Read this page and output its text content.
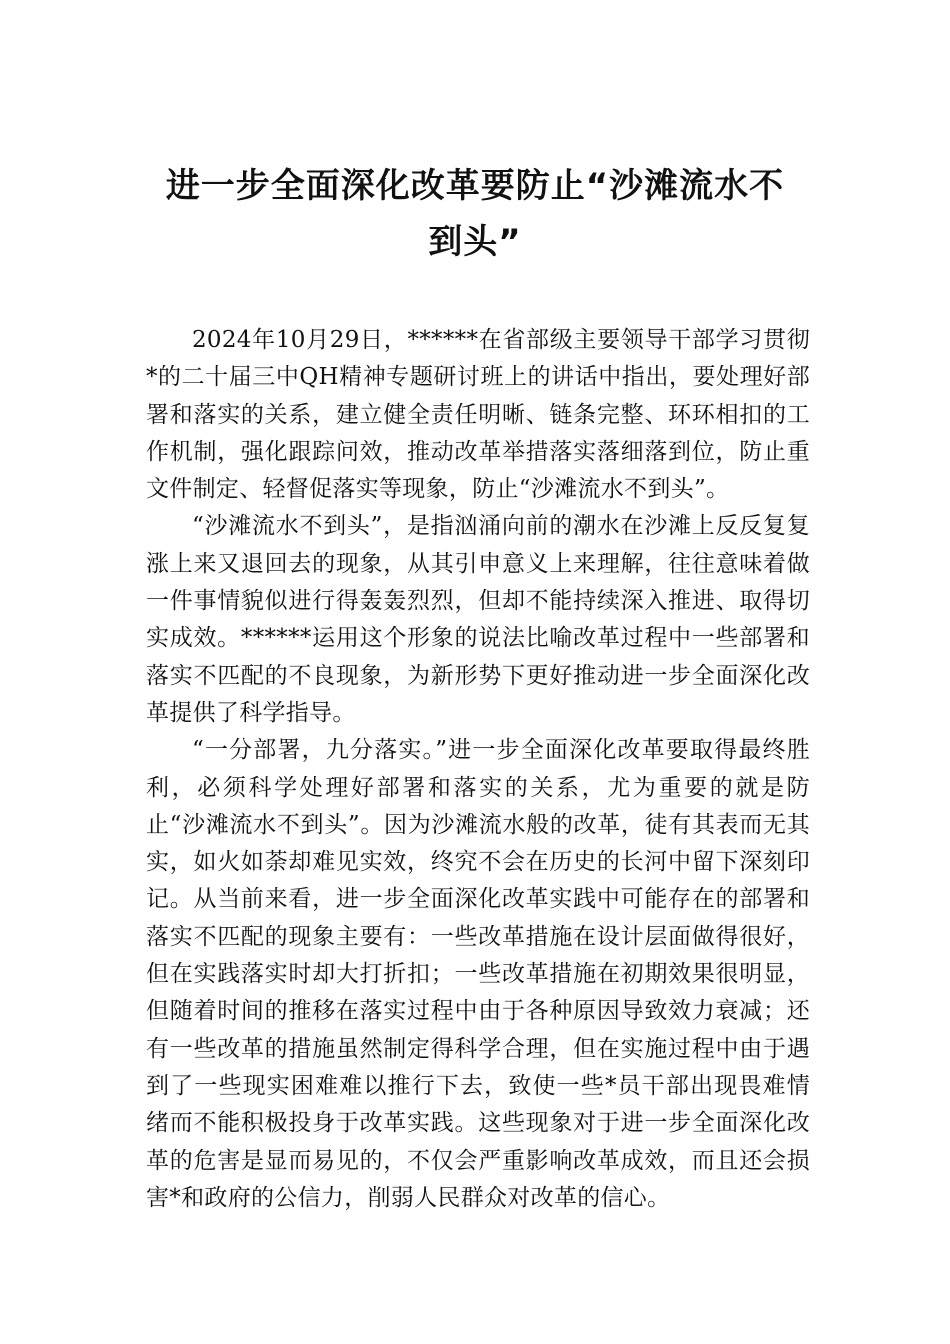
进一步全面深化改革要防止“沙滩流水不
到头”

2024年10月29日，******在省部级主要领导干部学习贯彻*的二十届三中QH精神专题研讨班上的讲话中指出，要处理好部署和落实的关系，建立健全责任明晰、链条完整、环环相扣的工作机制，强化跟踪问效，推动改革举措落实落细落到位，防止重文件制定、轻督促落实等现象，防止“沙滩流水不到头”。

“沙滩流水不到头”，是指汹涌向前的潮水在沙滩上反反复复涨上来又退回去的现象，从其引申意义上来理解，往往意味着做一件事情貌似进行得轰轰烈烈，但却不能持续深入推进、取得切实成效。******运用这个形象的说法比喻改革过程中一些部署和落实不匹配的不良现象，为新形势下更好推动进一步全面深化改革提供了科学指导。

“一分部署，九分落实。”进一步全面深化改革要取得最终胜利，必须科学处理好部署和落实的关系，尤为重要的就是防止“沙滩流水不到头”。因为沙滩流水般的改革，徒有其表而无其实，如火如荼却难见实效，终究不会在历史的长河中留下深刻印记。从当前来看，进一步全面深化改革实践中可能存在的部署和落实不匹配的现象主要有：一些改革措施在设计层面做得很好，但在实践落实时却大打折扣；一些改革措施在初期效果很明显，但随着时间的推移在落实过程中由于各种原因导致效力衰减；还有一些改革的措施虽然制定得科学合理，但在实施过程中由于遇到了一些现实困难难以推行下去，致使一些*员干部出现畏难情绪而不能积极投身于改革实践。这些现象对于进一步全面深化改革的危害是显而易见的，不仅会严重影响改革成效，而且还会损害*和政府的公信力，削弱人民群众对改革的信心。
